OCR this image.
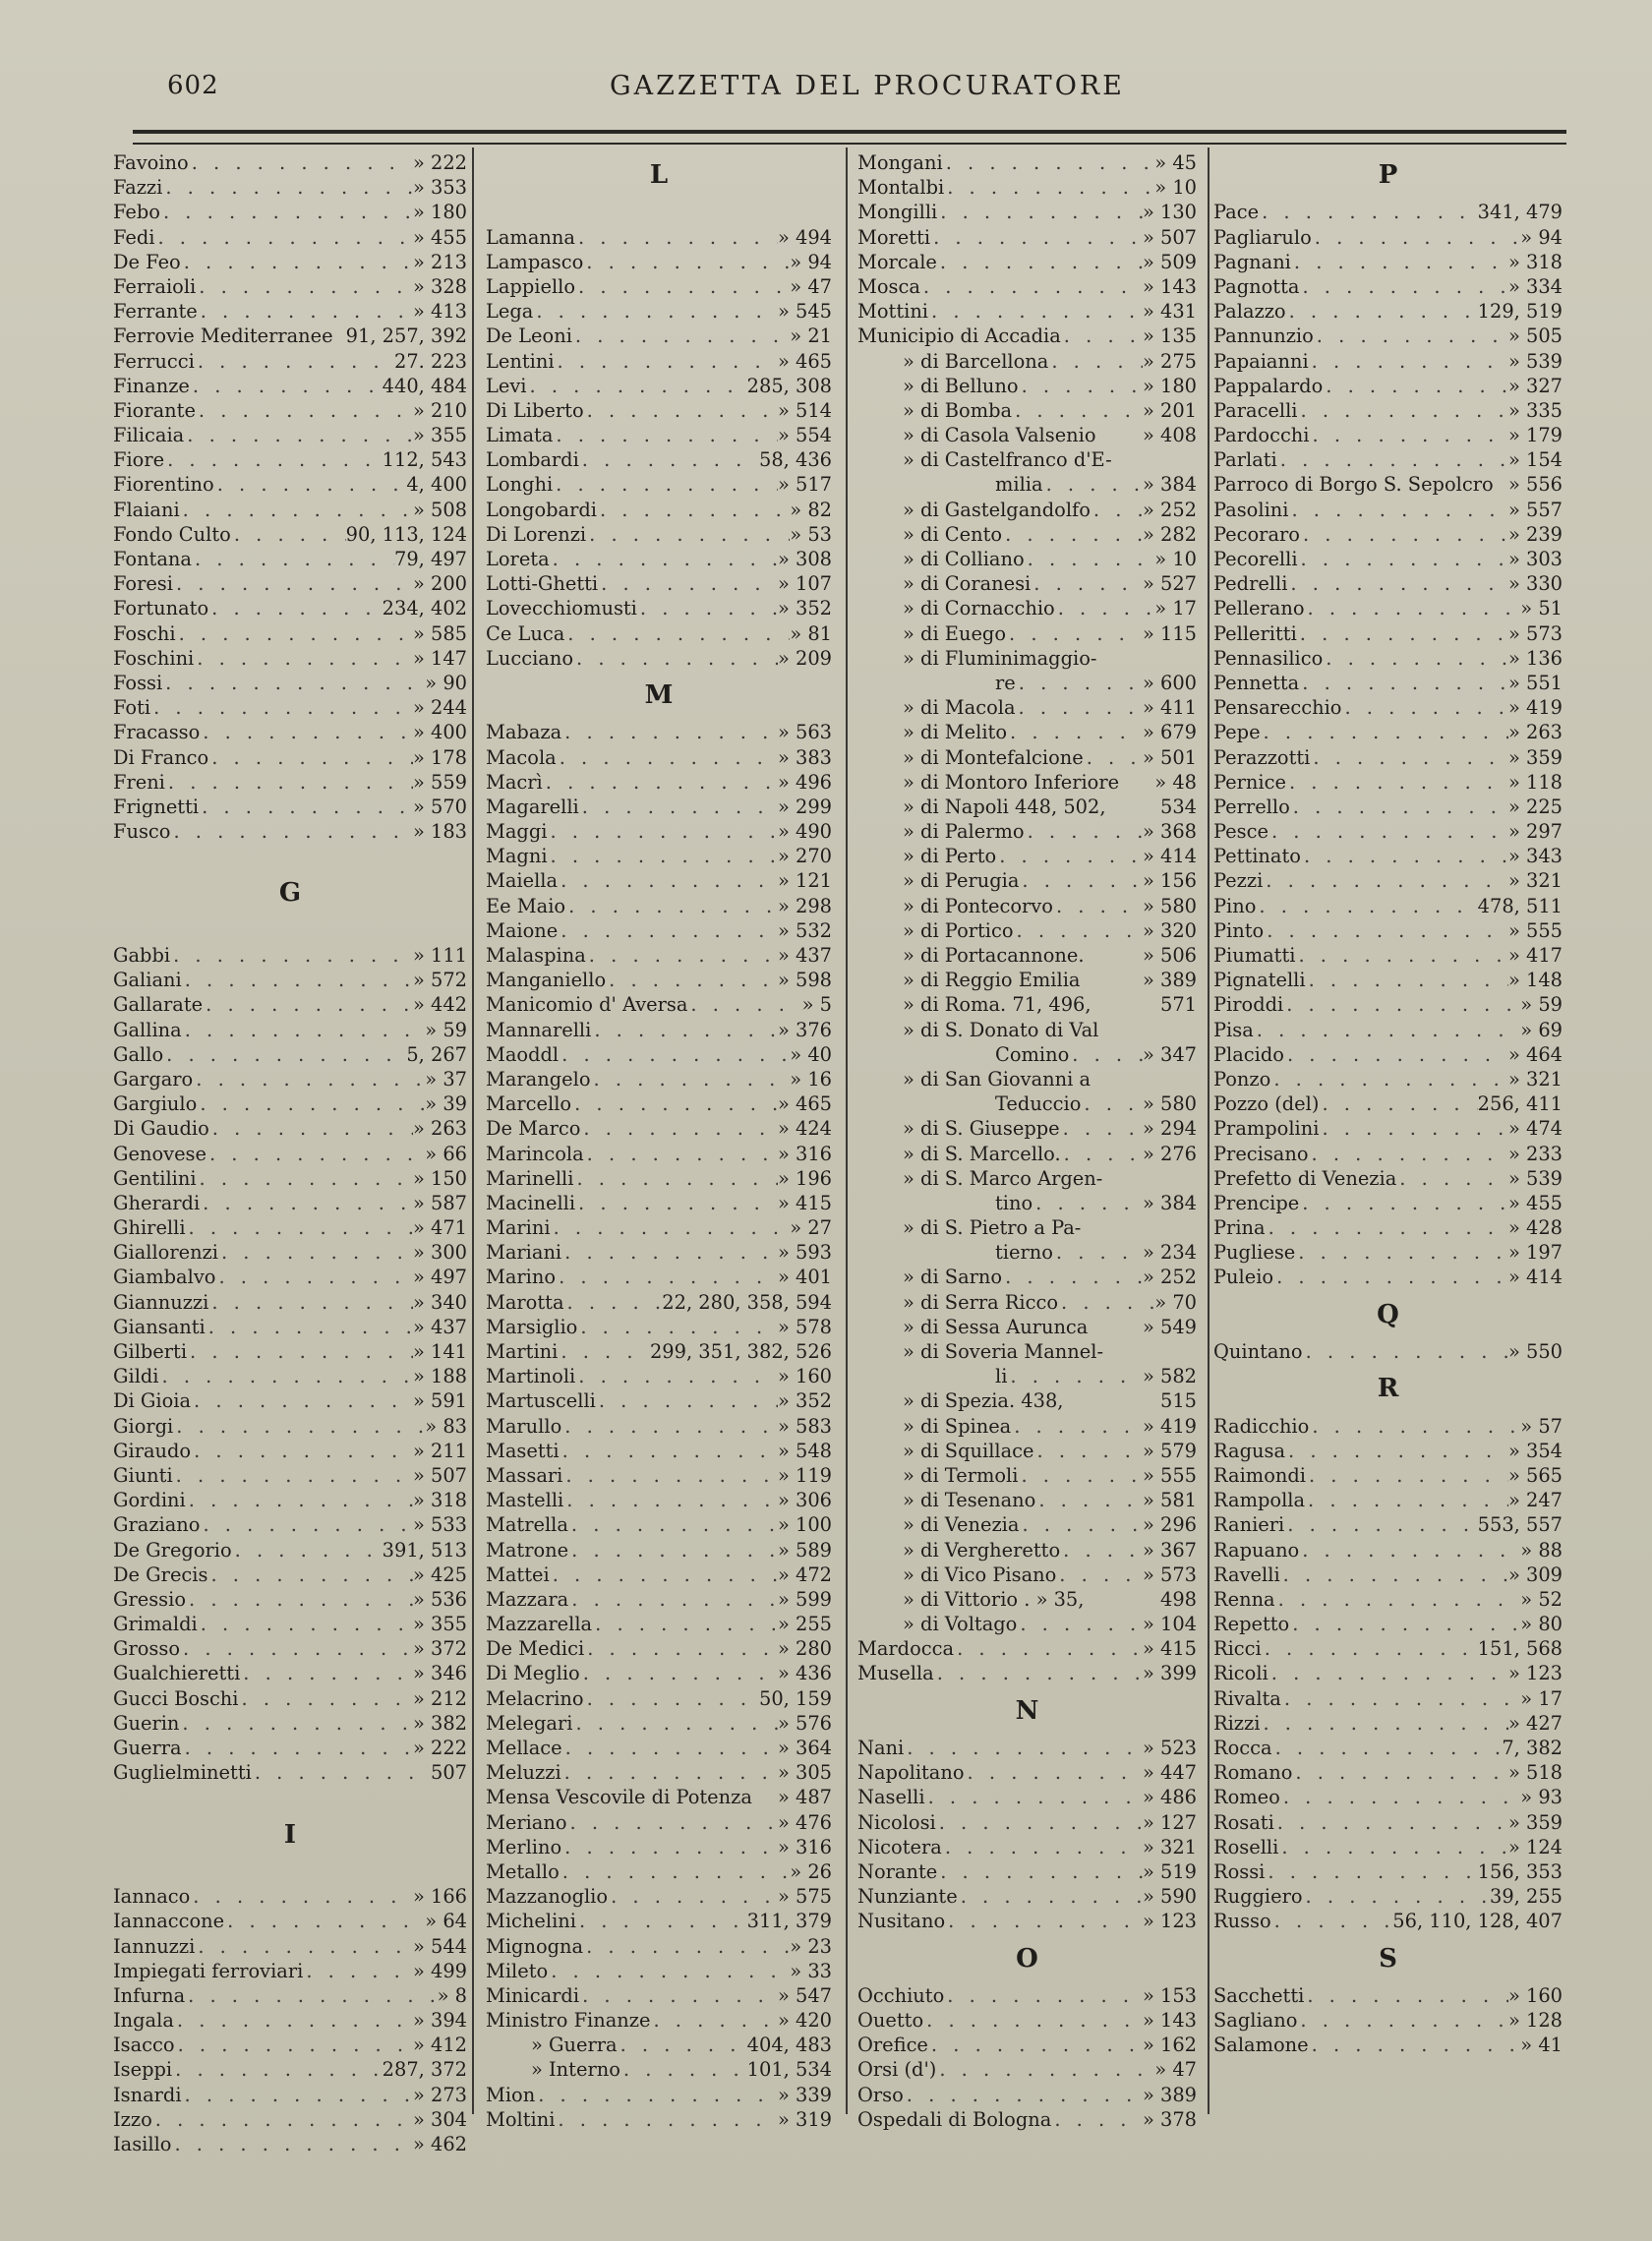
602	GAZZETTA DEL PROCURATORE
Favoino . . .	» 222
Fazzi . . .	» 353
Febo . . .	» 180
Fedi . . .	» 455
De Feo . . .	» 213
Ferraioli . . .	» 328
Ferrante . . .	» 413
Ferrovie Mediterranee 91, 257, 392
Ferrucci . . .	27. 223
Finanze . . .	440, 484
Fiorante . . .	» 210
Filicaia . . .	» 355
Fiore . . .	112, 543
Fiorentino . . .	4, 400
Flaiani . . .	» 508
Fondo Culto . . .	90, 113, 124
Fontana . . .	79, 497
Foresi . . .	» 200
Fortunato . . .	234, 402
Foschi . . .	» 585
Foschini . . .	» 147
Fossi . . .	» 90
Foti . . .	» 244
Fracasso . . .	» 400
Di Franco . . .	» 178
Freni . . .	» 559
Frignetti . . .	» 570
Fusco . . .	» 183
G
Gabbi . . .	» 111
Galiani . . .	» 572
Gallarate . . .	» 442
Gallina . . .	» 59
Gallo . . .	5, 267
Gargaro . . .	» 37
Gargiulo . . .	» 39
Di Gaudio . . .	» 263
Genovese . . .	» 66
Gentilini . . .	» 150
Gherardi . . .	» 587
Ghirelli . . .	» 471
Giallorenzi . . .	» 300
Giambalvo . . .	» 497
Giannuzzi . . .	» 340
Giansanti . . .	» 437
Gilberti . . .	» 141
Gildi . . .	» 188
Di Gioia . . .	» 591
Giorgi . . .	» 83
Giraudo . . .	» 211
Giunti . . .	» 507
Gordini . . .	» 318
Graziano . . .	» 533
De Gregorio . . .	391, 513
De Grecis . . .	» 425
Gressio . . .	» 536
Grimaldi . . .	» 355
Grosso . . .	» 372
Gualchieretti . . .	» 346
Gucci Boschi . . .	» 212
Guerin . . .	» 382
Guerra . . .	» 222
Guglielminetti . . .	507
I
Iannaco . . .	» 166
Iannaccone . . .	» 64
Iannuzzi . . .	» 544
Impiegati ferroviari . . .	» 499
Infurna . . .	» 8
Ingala . . .	» 394
Isacco . . .	» 412
Iseppi . . .	287, 372
Isnardi . . .	» 273
Izzo . . .	» 304
Iasillo . . .	» 462
L
Lamanna . . .	» 494
Lampasco . . .	» 94
Lappiello . . .	» 47
Lega . . .	» 545
De Leoni . . .	» 21
Lentini . . .	» 465
Levi . . .	285, 308
Di Liberto . . .	» 514
Limata . . .	» 554
Lombardi . . .	58, 436
Longhi . . .	» 517
Longobardi . . .	» 82
Di Lorenzi . . .	» 53
Loreta . . .	» 308
Lotti-Ghetti . . .	» 107
Lovecchiomusti . . .	» 352
Ce Luca . . .	» 81
Lucciano . . .	» 209
M
Mabaza . . .	» 563
Macola . . .	» 383
Macrì . . .	» 496
Magarelli . . .	» 299
Maggi . . .	» 490
Magni . . .	» 270
Maiella . . .	» 121
Ee Maio . . .	» 298
Maione . . .	» 532
Malaspina . . .	» 437
Manganiello . . .	» 598
Manicomio d' Aversa . . .	» 5
Mannarelli . . .	» 376
Maoddl . . .	» 40
Marangelo . . .	» 16
Marcello . . .	» 465
De Marco . . .	» 424
Marincola . . .	» 316
Marinelli . . .	» 196
Macinelli . . .	» 415
Marini . . .	» 27
Mariani . . .	» 593
Marino . . .	» 401
Marotta . . .	22, 280, 358, 594
Marsiglio . . .	» 578
Martini . . .	299, 351, 382, 526
Martinoli . . .	» 160
Martuscelli . . .	» 352
Marullo . . .	» 583
Masetti . . .	» 548
Massari . . .	» 119
Mastelli . . .	» 306
Matrella . . .	» 100
Matrone . . .	» 589
Mattei . . .	» 472
Mazzara . . .	» 599
Mazzarella . . .	» 255
De Medici . . .	» 280
Di Meglio . . .	» 436
Melacrino . . .	50, 159
Melegari . . .	» 576
Mellace . . .	» 364
Meluzzi . . .	» 305
Mensa Vescovile di Potenza » 487
Meriano . . .	» 476
Merlino . . .	» 316
Metallo . . .	» 26
Mazzanoglio . . .	» 575
Michelini . . .	311, 379
Mignogna . . .	» 23
Mileto . . .	» 33
Minicardi . . .	» 547
Ministro Finanze . . .	» 420
» Guerra . . .	404, 483
» Interno . . .	101, 534
Mion . . .	» 339
Moltini . . .	» 319
Mongani . . .	» 45
Montalbi . . .	» 10
Mongilli . . .	» 130
Moretti . . .	» 507
Morcale . . .	» 509
Mosca . . .	» 143
Mottini . . .	» 431
Municipio di Accadia . . .	» 135
» di Barcellona . . .	» 275
» di Belluno . . .	» 180
» di Bomba . . .	» 201
» di Casola Valsenio » 408
» di Castelfranco d'E-
milia . . .	» 384
» di Gastelgandolfo . . .	» 252
» di Cento . . .	» 282
» di Colliano . . .	» 10
» di Coranesi . . .	» 527
» di Cornacchio . . .	» 17
» di Euego . . .	» 115
» di Fluminimaggio-
re . . .	» 600
» di Macola . . .	» 411
» di Melito . . .	» 679
» di Montefalcione . . .	» 501
» di Montoro Inferiore » 48
» di Napoli 448, 502,	534
» di Palermo . . .	» 368
» di Perto . . .	» 414
» di Perugia . . .	» 156
» di Pontecorvo . . .	» 580
» di Portico . . .	» 320
» di Portacannone.	» 506
» di Reggio Emilia	» 389
» di Roma. 71, 496,	571
» di S. Donato di Val
Comino . . .	» 347
» di San Giovanni a
Teduccio . . .	» 580
» di S. Giuseppe . . .	» 294
» di S. Marcello. . . .	» 276
» di S. Marco Argen-
tino . . .	» 384
» di S. Pietro a Pa-
tierno . . .	» 234
» di Sarno . . .	» 252
» di Serra Ricco . . .	» 70
» di Sessa Aurunca	» 549
» di Soveria Mannel-
li . . .	» 582
» di Spezia. 438,	515
» di Spinea . . .	» 419
» di Squillace . . .	» 579
» di Termoli . . .	» 555
» di Tesenano . . .	» 581
» di Venezia . . .	» 296
» di Vergheretto . . .	» 367
» di Vico Pisano . . .	» 573
» di Vittorio . » 35,	498
» di Voltago . . .	» 104
Mardocca . . .	» 415
Musella . . .	» 399
N
Nani . . .	» 523
Napolitano . . .	» 447
Naselli . . .	» 486
Nicolosi . . .	» 127
Nicotera . . .	» 321
Norante . . .	» 519
Nunziante . . .	» 590
Nusitano . . .	» 123
O
Occhiuto . . .	» 153
Ouetto . . .	» 143
Orefice . . .	» 162
Orsi (d') . . .	» 47
Orso . . .	» 389
Ospedali di Bologna . . .	» 378
P
Pace . . .	341, 479
Pagliarulo . . .	» 94
Pagnani . . .	» 318
Pagnotta . . .	» 334
Palazzo . . .	129, 519
Pannunzio . . .	» 505
Papaianni . . .	» 539
Pappalardo . . .	» 327
Paracelli . . .	» 335
Pardocchi . . .	» 179
Parlati . . .	» 154
Parroco di Borgo S. Sepolcro » 556
Pasolini . . .	» 557
Pecoraro . . .	» 239
Pecorelli . . .	» 303
Pedrelli . . .	» 330
Pellerano . . .	» 51
Pelleritti . . .	» 573
Pennasilico . . .	» 136
Pennetta . . .	» 551
Pensarecchio . . .	» 419
Pepe . . .	» 263
Perazzotti . . .	» 359
Pernice . . .	» 118
Perrello . . .	» 225
Pesce . . .	» 297
Pettinato . . .	» 343
Pezzi . . .	» 321
Pino . . .	478, 511
Pinto . . .	» 555
Piumatti . . .	» 417
Pignatelli . . .	» 148
Piroddi . . .	» 59
Pisa . . .	» 69
Placido . . .	» 464
Ponzo . . .	» 321
Pozzo (del) . . .	256, 411
Prampolini . . .	» 474
Precisano . . .	» 233
Prefetto di Venezia . . .	» 539
Prencipe . . .	» 455
Prina . . .	» 428
Pugliese . . .	» 197
Puleio . . .	» 414
Q
Quintano . . .	» 550
R
Radicchio . . .	» 57
Ragusa . . .	» 354
Raimondi . . .	» 565
Rampolla . . .	» 247
Ranieri . . .	553, 557
Rapuano . . .	» 88
Ravelli . . .	» 309
Renna . . .	» 52
Repetto . . .	» 80
Ricci . . .	151, 568
Ricoli . . .	» 123
Rivalta . . .	» 17
Rizzi . . .	» 427
Rocca . . .	7, 382
Romano . . .	» 518
Romeo . . .	» 93
Rosati . . .	» 359
Roselli . . .	» 124
Rossi . . .	156, 353
Ruggiero . . .	39, 255
Russo . . .	56, 110, 128, 407
S
Sacchetti . . .	» 160
Sagliano . . .	» 128
Salamone . . .	» 41
